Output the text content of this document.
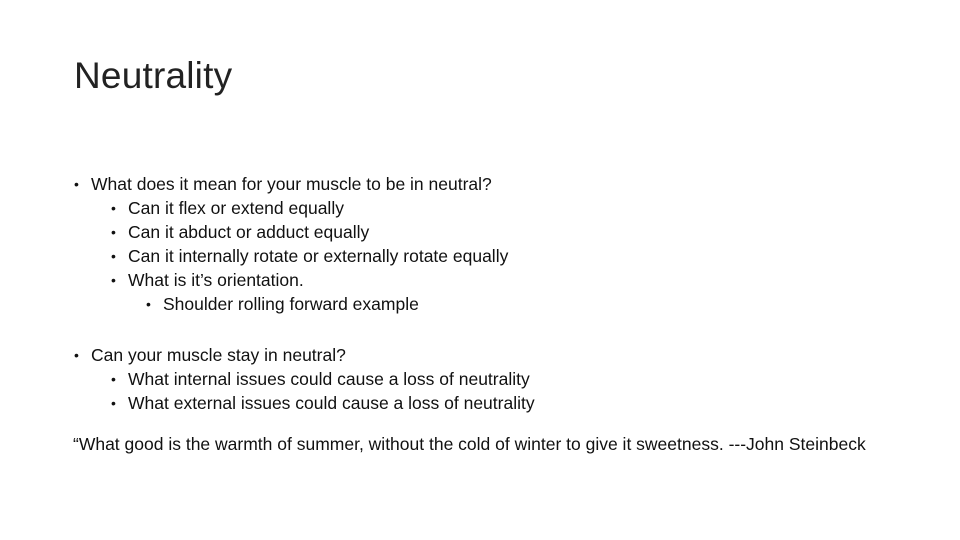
Neutrality
• What does it mean for your muscle to be in neutral?
• Can it flex or extend equally
• Can it abduct or adduct equally
• Can it internally rotate or externally rotate equally
• What is it’s orientation.
• Shoulder rolling forward example
• Can your muscle stay in neutral?
• What internal issues could cause a loss of neutrality
• What external issues could cause a loss of neutrality
“What good is the warmth of summer, without the cold of winter to give it sweetness. ---John Steinbeck
